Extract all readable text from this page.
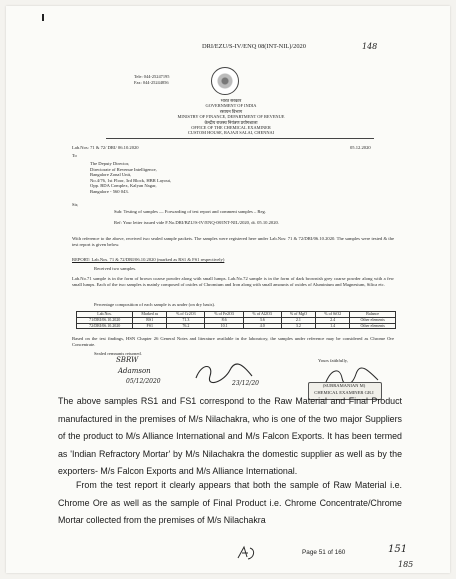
DRI/EZU/S-IV/ENQ 08(INT-NIL)/2020	148
Tele: 044-25247195
Fax: 044-25244856
भारत सरकार
GOVERNMENT OF INDIA
रसायन विभाग
MINISTRY OF FINANCE, DEPARTMENT OF REVENUE
केन्द्रीय राजस्व नियंत्रण प्रयोगशाला
OFFICE OF THE CHEMICAL EXAMINER
CUSTOM HOUSE, RAJAJI SALAI, CHENNAI
Lab.Nos: 71 & 72/ DRI/ 06.10.2020	05.12.2020
To
The Deputy Director,
Directorate of Revenue Intelligence,
Bangalore Zonal Unit,
No.4/76, 1st Floor, 3rd Block, HBR Layout,
Opp. BDA Complex, Kalyan Nagar,
Bangalore - 560 043.
Sir,
Sub: Testing of samples — Forwarding of test report and comment samples – Reg.
Ref: Your letter issued vide F.No.DRI/BZU/S-IV/ENQ-08/INT-NIL/2020, dt. 05.10.2020.
With reference to the above, received two sealed sample packets. The samples were registered here under Lab.Nos: 71 & 72/DRI/06.10.2020. The samples were tested & the test report is given below.
REPORT: Lab.Nos. 71 & 72/DRI/06.10.2020 (marked as RS1 & FS1 respectively)
Received two samples.
Lab.No.71 sample is in the form of brown coarse powder along with small lumps. Lab.No.72 sample is in the form of dark brownish grey coarse powder along with a few small lumps. Each of the two samples is mainly composed of oxides of Chromium and Iron along with small amounts of oxides of Aluminium and Magnesium, Silica etc.
Percentage composition of each sample is as under (on dry basis).
Lab.Nos.	Marked as	% of Cr2O3	% of Fe2O3	% of Al2O3	% of MgO	% of SiO2	Balance
71/DRI/06.10.2020	RS1	71.3	8.6	3.6	2.1	2.4	Other elements
72/DRI/06.10.2020	FS1	76.2	10.1	4.0	3.2	1.4	Other elements
Based on the test findings, HSN Chapter 26 General Notes and literature available in the laboratory, the samples under reference may be considered as Chrome Ore Concentrate.
Sealed remnants returned.
Yours faithfully,
(SUBRAMANIAN M)
CHEMICAL EXAMINER GR.I
SBRW
Adamson
05/12/2020	23/12/20
The above samples RS1 and FS1 correspond to the Raw Material and Final Product manufactured in the premises of M/s Nilachakra, who is one of the two major Suppliers of the product to M/s Alliance International and M/s Falcon Exports. It has been termed as 'Indian Refractory Mortar' by M/s Nilachakra the domestic supplier as well as by the exporters- M/s Falcon Exports and M/s Alliance International.
From the test report it clearly appears that both the sample of Raw Material i.e. Chrome Ore as well as the sample of Final Product i.e. Chrome Concentrate/Chrome Mortar collected from the premises of M/s Nilachakra
Page 51 of 160	151
185
